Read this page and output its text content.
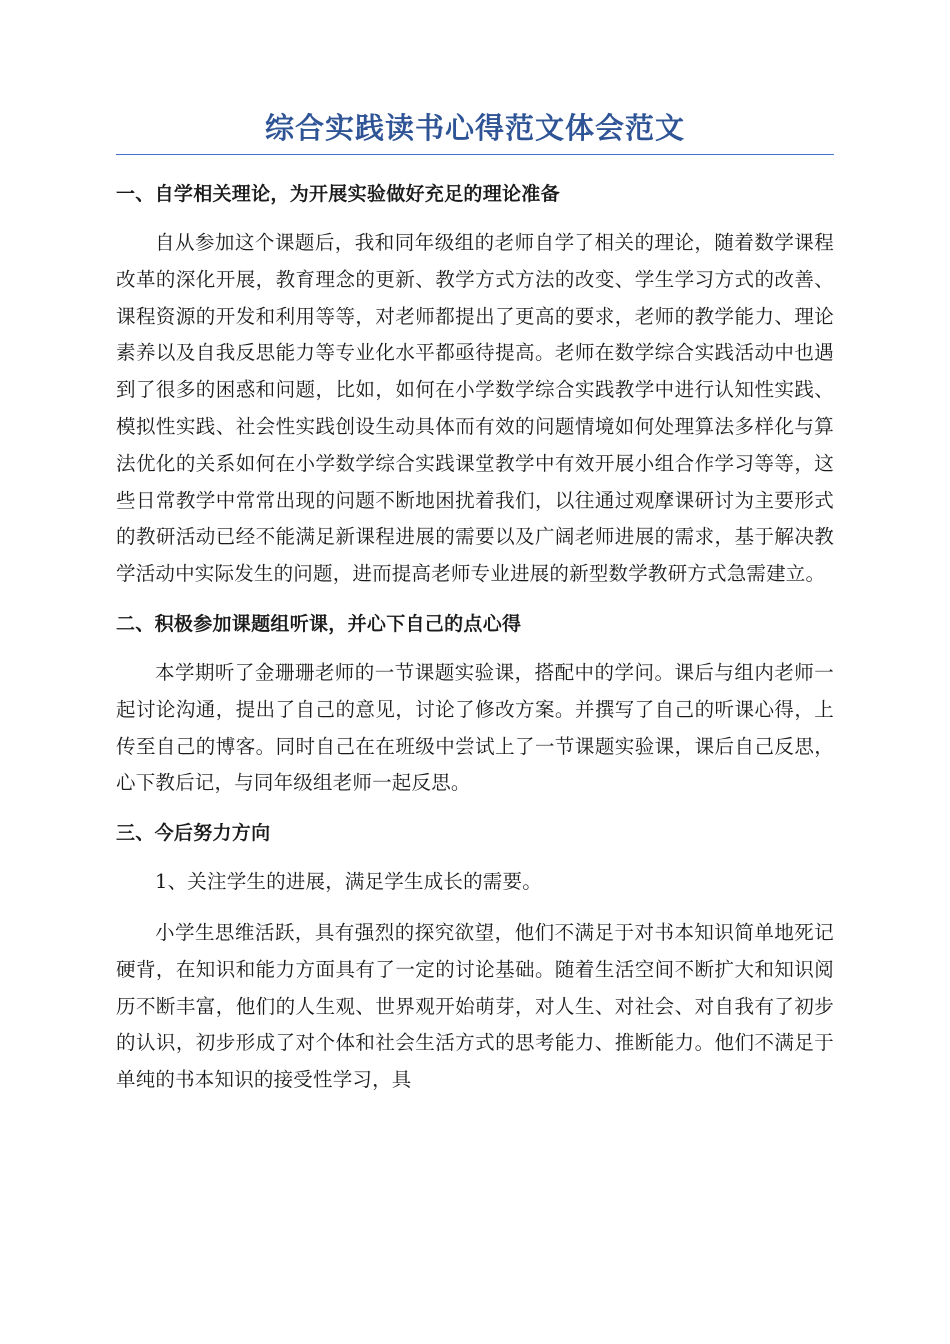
综合实践读书心得范文体会范文
一、自学相关理论，为开展实验做好充足的理论准备

自从参加这个课题后，我和同年级组的老师自学了相关的理论，随着数学课程改革的深化开展，教育理念的更新、教学方式方法的改变、学生学习方式的改善、课程资源的开发和利用等等，对老师都提出了更高的要求，老师的教学能力、理论素养以及自我反思能力等专业化水平都亟待提高。老师在数学综合实践活动中也遇到了很多的困惑和问题，比如，如何在小学数学综合实践教学中进行认知性实践、模拟性实践、社会性实践创设生动具体而有效的问题情境如何处理算法多样化与算法优化的关系如何在小学数学综合实践课堂教学中有效开展小组合作学习等等，这些日常教学中常常出现的问题不断地困扰着我们，以往通过观摩课研讨为主要形式的教研活动已经不能满足新课程进展的需要以及广阔老师进展的需求，基于解决教学活动中实际发生的问题，进而提高老师专业进展的新型数学教研方式急需建立。

二、积极参加课题组听课，并心下自己的点心得

本学期听了金珊珊老师的一节课题实验课，搭配中的学问。课后与组内老师一起讨论沟通，提出了自己的意见，讨论了修改方案。并撰写了自己的听课心得，上传至自己的博客。同时自己在在班级中尝试上了一节课题实验课，课后自己反思，心下教后记，与同年级组老师一起反思。

三、今后努力方向

1、关注学生的进展，满足学生成长的需要。

小学生思维活跃，具有强烈的探究欲望，他们不满足于对书本知识简单地死记硬背，在知识和能力方面具有了一定的讨论基础。随着生活空间不断扩大和知识阅历不断丰富，他们的人生观、世界观开始萌芽，对人生、对社会、对自我有了初步的认识，初步形成了对个体和社会生活方式的思考能力、推断能力。他们不满足于单纯的书本知识的接受性学习，具
